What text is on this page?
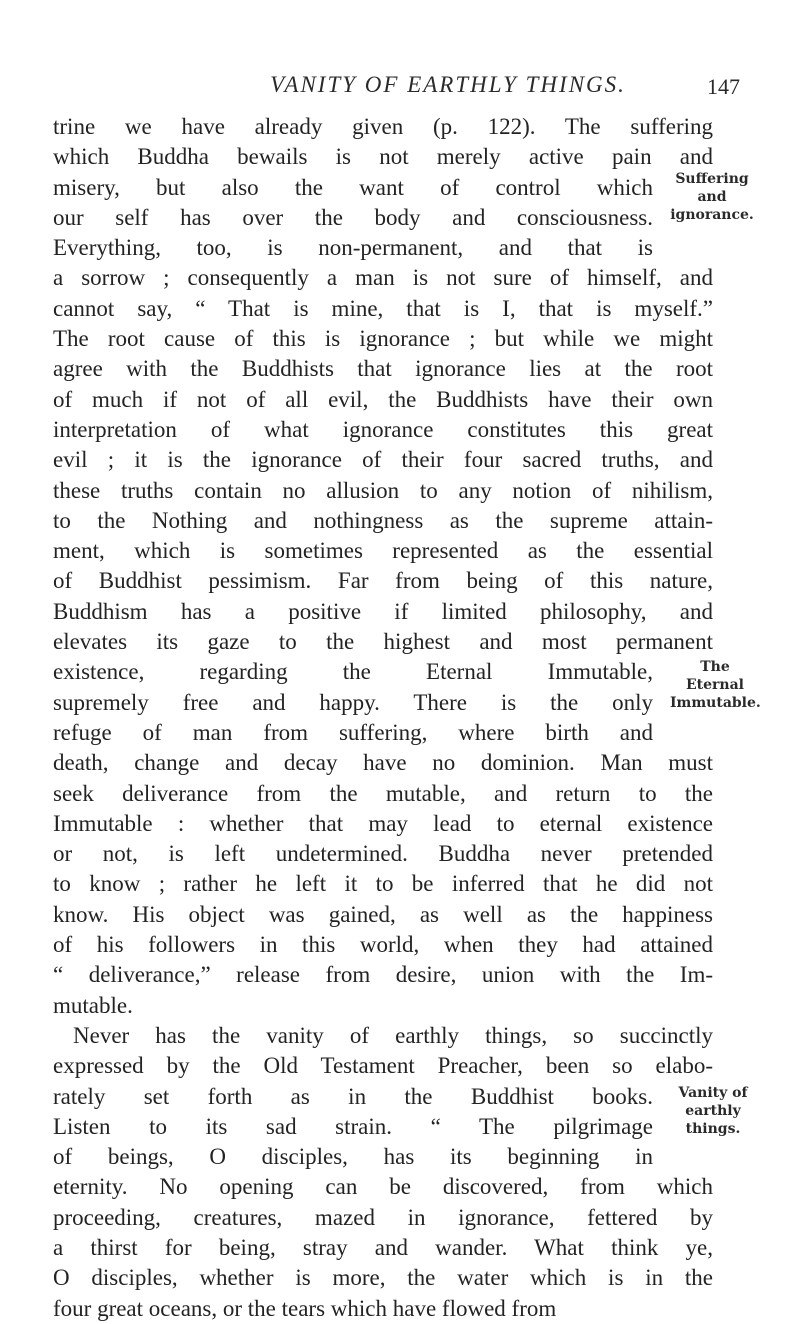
VANITY OF EARTHLY THINGS.	147
trine we have already given (p. 122). The suffering
which Buddha bewails is not merely active pain and
misery, but also the want of control which
our self has over the body and consciousness.
Everything, too, is non-permanent, and that is
a sorrow ; consequently a man is not sure of himself, and
cannot say, “ That is mine, that is I, that is myself.”
The root cause of this is ignorance ; but while we might
agree with the Buddhists that ignorance lies at the root
of much if not of all evil, the Buddhists have their own
interpretation of what ignorance constitutes this great
evil ; it is the ignorance of their four sacred truths, and
these truths contain no allusion to any notion of nihilism,
to the Nothing and nothingness as the supreme attain-
ment, which is sometimes represented as the essential
of Buddhist pessimism. Far from being of this nature,
Buddhism has a positive if limited philosophy, and
elevates its gaze to the highest and most permanent
existence, regarding the Eternal Immutable,
supremely free and happy. There is the only
refuge of man from suffering, where birth and
death, change and decay have no dominion. Man must
seek deliverance from the mutable, and return to the
Immutable : whether that may lead to eternal existence
or not, is left undetermined. Buddha never pretended
to know ; rather he left it to be inferred that he did not
know. His object was gained, as well as the happiness
of his followers in this world, when they had attained
“ deliverance,” release from desire, union with the Im-
mutable.
Never has the vanity of earthly things, so succinctly
expressed by the Old Testament Preacher, been so elabo-
rately set forth as in the Buddhist books.
Listen to its sad strain. “ The pilgrimage
of beings, O disciples, has its beginning in
eternity. No opening can be discovered, from which
proceeding, creatures, mazed in ignorance, fettered by
a thirst for being, stray and wander. What think ye,
O disciples, whether is more, the water which is in the
four great oceans, or the tears which have flowed from
Suffering
and
ignorance.
The
Eternal
Immutable.
Vanity of
earthly
things.
